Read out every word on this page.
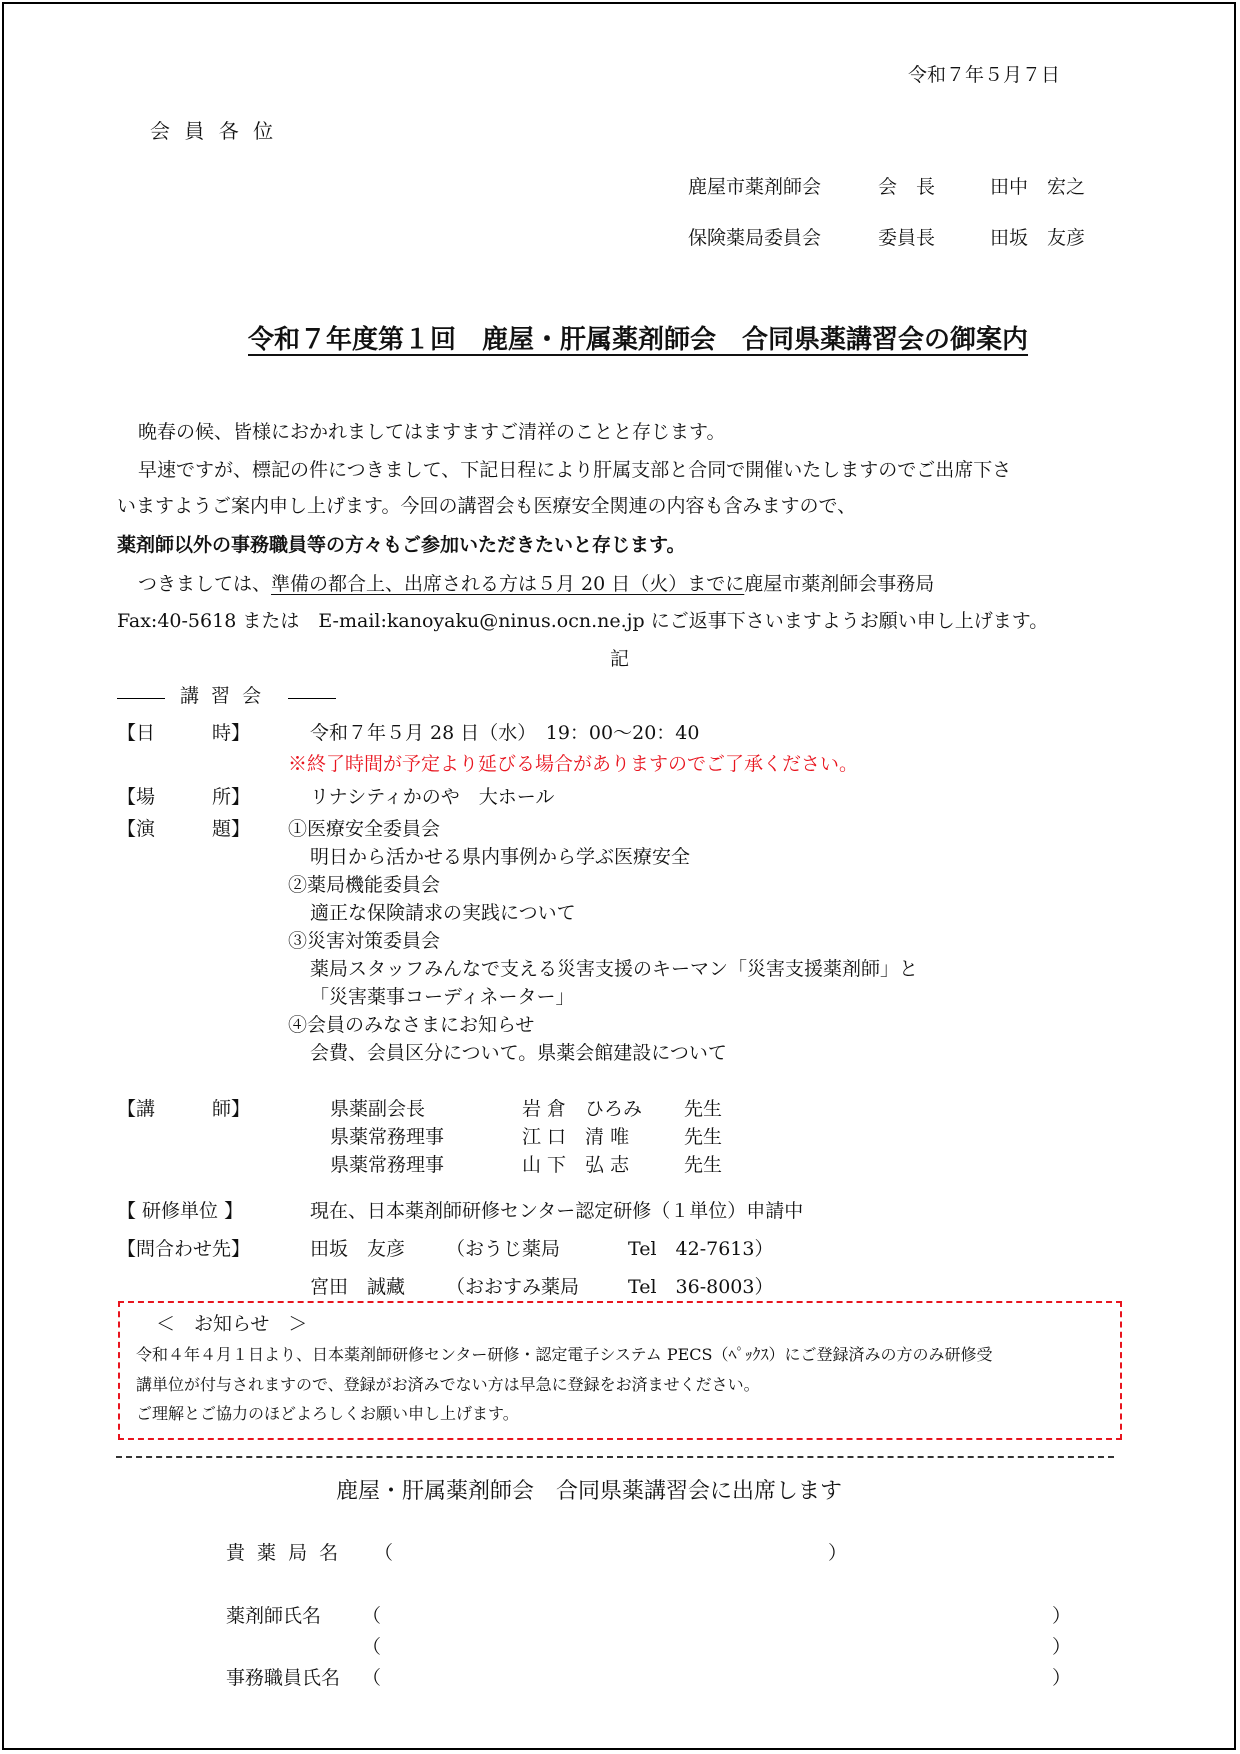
令和７年５月７日
会 員 各 位
鹿屋市薬剤師会	会　長	田中　宏之
保険薬局委員会	委員長	田坂　友彦
令和７年度第１回　鹿屋・肝属薬剤師会　合同県薬講習会の御案内
晩春の候、皆様におかれましてはますますご清祥のことと存じます。
早速ですが、標記の件につきまして、下記日程により肝属支部と合同で開催いたしますのでご出席下さ
いますようご案内申し上げます。今回の講習会も医療安全関連の内容も含みますので、
薬剤師以外の事務職員等の方々もご参加いただきたいと存じます。
つきましては、準備の都合上、出席される方は５月 20 日（火）までに鹿屋市薬剤師会事務局
Fax:40-5618 または　E-mail:kanoyaku@ninus.ocn.ne.jp にご返事下さいますようお願い申し上げます。
記
講 習 会
【日　　　時】	令和７年５月 28 日（水）　19：00～20：40
※終了時間が予定より延びる場合がありますのでご了承ください。
【場　　　所】	リナシティかのや　大ホール
【演　　　題】 ①医療安全委員会
明日から活かせる県内事例から学ぶ医療安全
②薬局機能委員会
適正な保険請求の実践について
③災害対策委員会
薬局スタッフみんなで支える災害支援のキーマン「災害支援薬剤師」と
「災害薬事コーディネーター」
④会員のみなさまにお知らせ
会費、会員区分について。県薬会館建設について
【講　　　師】	県薬副会長	岩 倉　ひろみ 先生
県薬常務理事	江 口　清 唯	先生
県薬常務理事	山 下　弘 志	先生
【 研修単位 】	現在、日本薬剤師研修センター認定研修（１単位）申請中
【問合わせ先】	田坂　友彦 （おうじ薬局	Tel　42-7613）
宮田　誠藏 （おおすみ薬局	Tel　36-8003）
＜　お知らせ　＞
令和４年４月１日より、日本薬剤師研修センター研修・認定電子システム PECS（ﾍﾟｯｸｽ）にご登録済みの方のみ研修受
講単位が付与されますので、登録がお済みでない方は早急に登録をお済ませください。
ご理解とご協力のほどよろしくお願い申し上げます。
鹿屋・肝属薬剤師会　合同県薬講習会に出席します
貴 薬 局 名 （	）
薬剤師氏名 （	）
（	）
事務職員氏名 （	）
